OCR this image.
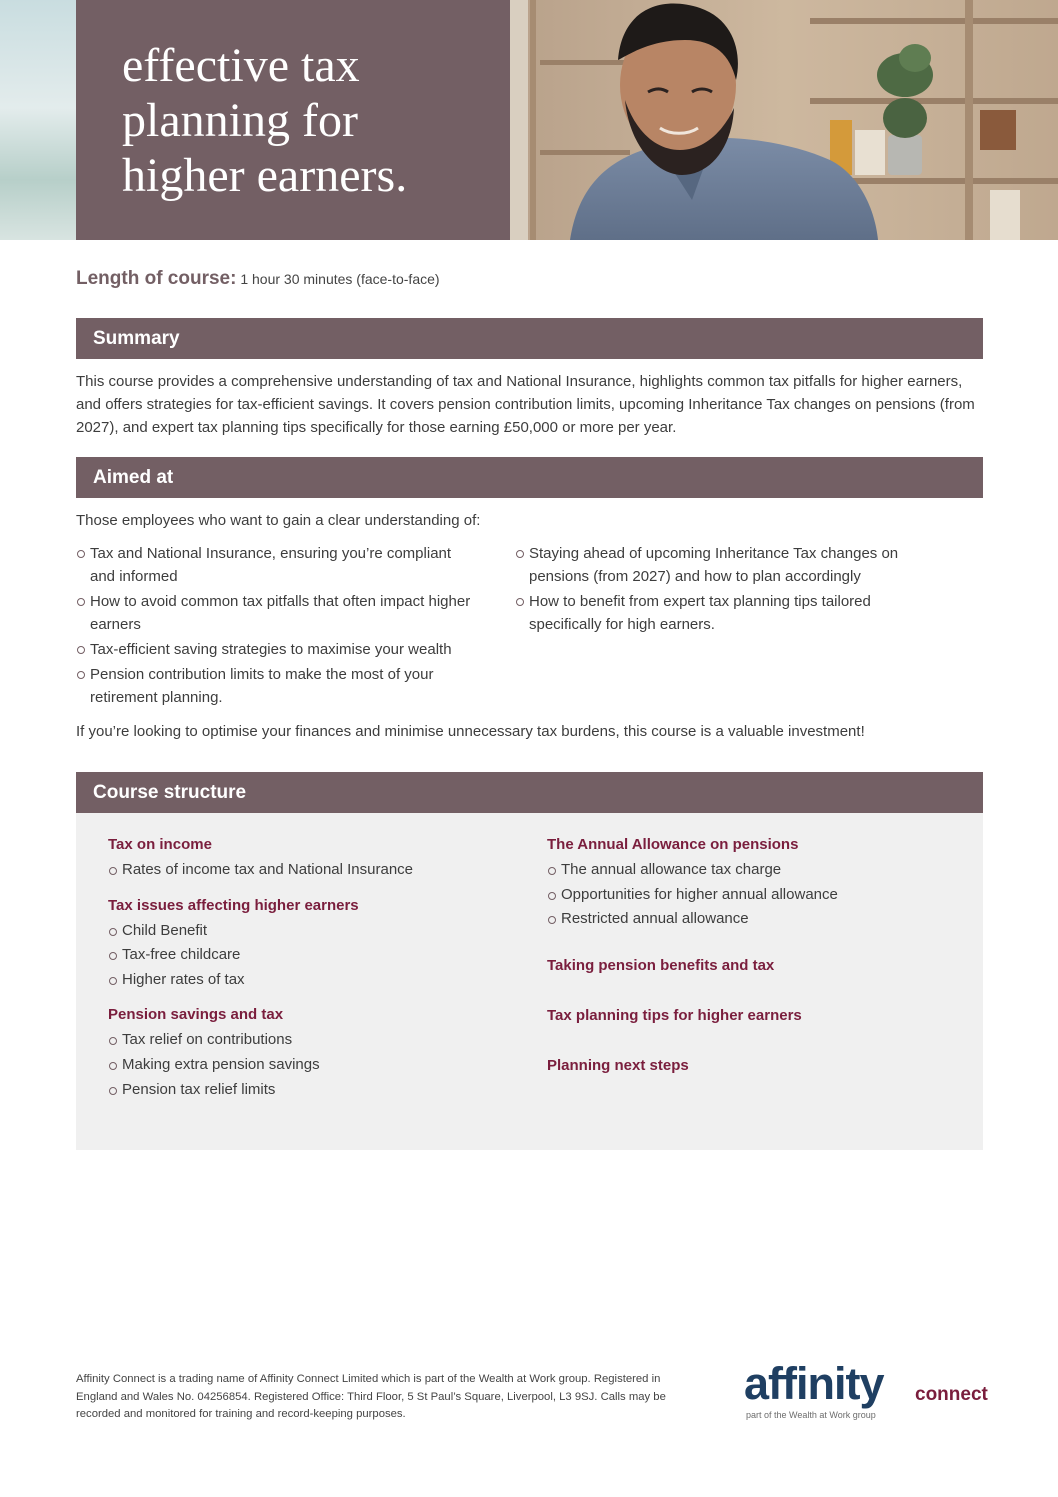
effective tax
planning for
higher earners.
Length of course: 1 hour 30 minutes (face-to-face)
Summary

This course provides a comprehensive understanding of tax and National Insurance, highlights common tax pitfalls for higher earners, and offers strategies for tax-efficient savings. It covers pension contribution limits, upcoming Inheritance Tax changes on pensions (from 2027), and expert tax planning tips specifically for those earning £50,000 or more per year.

Aimed at

Those employees who want to gain a clear understanding of:

Tax and National Insurance, ensuring you’re compliant and informed
How to avoid common tax pitfalls that often impact higher earners
Tax-efficient saving strategies to maximise your wealth
Pension contribution limits to make the most of your retirement planning.
Staying ahead of upcoming Inheritance Tax changes on pensions (from 2027) and how to plan accordingly
How to benefit from expert tax planning tips tailored specifically for high earners.

If you’re looking to optimise your finances and minimise unnecessary tax burdens, this course is a valuable investment!

Course structure
Tax on income
Rates of income tax and National Insurance
Tax issues affecting higher earners
Child Benefit
Tax-free childcare
Higher rates of tax
Pension savings and tax
Tax relief on contributions
Making extra pension savings
Pension tax relief limits
The Annual Allowance on pensions
The annual allowance tax charge
Opportunities for higher annual allowance
Restricted annual allowance
Taking pension benefits and tax
Tax planning tips for higher earners
Planning next steps

Affinity Connect is a trading name of Affinity Connect Limited which is part of the Wealth at Work group. Registered in England and Wales No. 04256854. Registered Office: Third Floor, 5 St Paul’s Square, Liverpool, L3 9SJ. Calls may be recorded and monitored for training and record-keeping purposes.

affinity connect
part of the Wealth at Work group
